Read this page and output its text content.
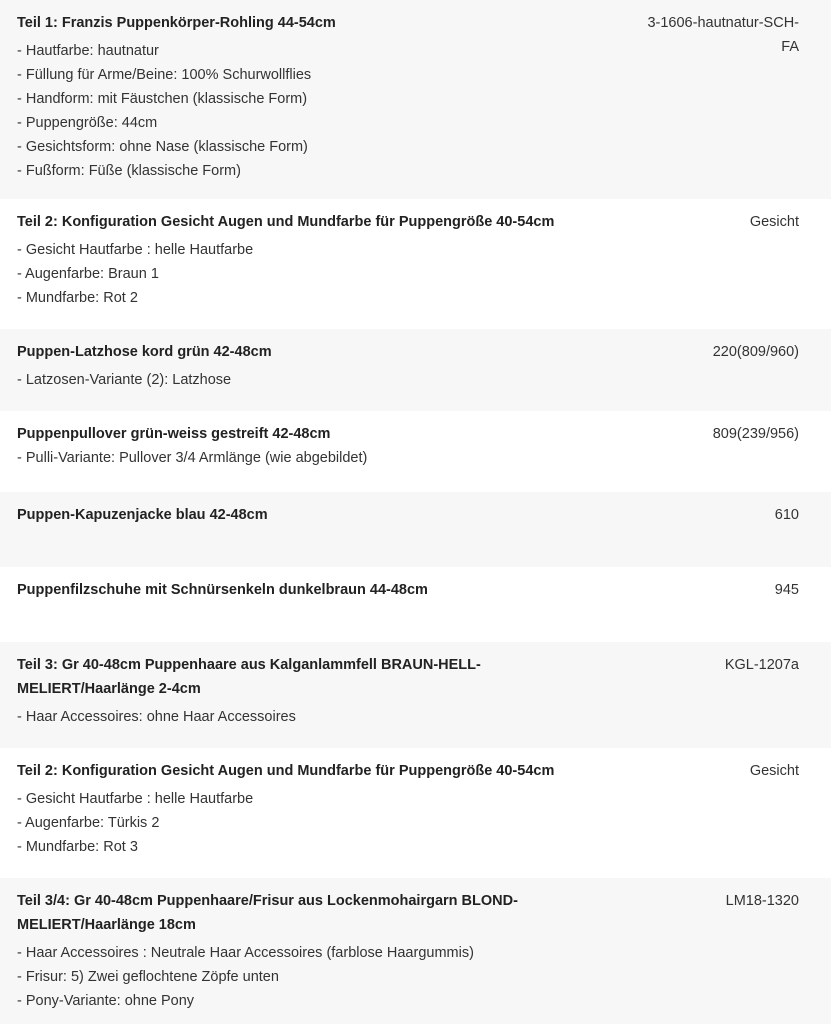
Teil 1: Franzis Puppenkörper-Rohling 44-54cm
- Hautfarbe: hautnatur
- Füllung für Arme/Beine: 100% Schurwollflies
- Handform: mit Fäustchen (klassische Form)
- Puppengröße: 44cm
- Gesichtsform: ohne Nase (klassische Form)
- Fußform: Füße (klassische Form)
3-1606-hautnatur-SCH-FA
Teil 2: Konfiguration Gesicht Augen und Mundfarbe für Puppengröße 40-54cm
- Gesicht Hautfarbe : helle Hautfarbe
- Augenfarbe: Braun 1
- Mundfarbe: Rot 2
Gesicht
Puppen-Latzhose kord grün 42-48cm
- Latzosen-Variante (2): Latzhose
220(809/960)
Puppenpullover grün-weiss gestreift 42-48cm
- Pulli-Variante: Pullover 3/4 Armlänge (wie abgebildet)
809(239/956)
Puppen-Kapuzenjacke blau 42-48cm	610
Puppenfilzschuhe mit Schnürsenkeln dunkelbraun 44-48cm	945
Teil 3: Gr 40-48cm Puppenhaare aus Kalganlammfell BRAUN-HELL-MELIERT/Haarlänge 2-4cm
- Haar Accessoires: ohne Haar Accessoires
KGL-1207a
Teil 2: Konfiguration Gesicht Augen und Mundfarbe für Puppengröße 40-54cm
- Gesicht Hautfarbe : helle Hautfarbe
- Augenfarbe: Türkis 2
- Mundfarbe: Rot 3
Gesicht
Teil 3/4: Gr 40-48cm Puppenhaare/Frisur aus Lockenmohairgarn BLOND-MELIERT/Haarlänge 18cm
- Haar Accessoires : Neutrale Haar Accessoires (farblose Haargummis)
- Frisur: 5) Zwei geflochtene Zöpfe unten
- Pony-Variante: ohne Pony
LM18-1320
